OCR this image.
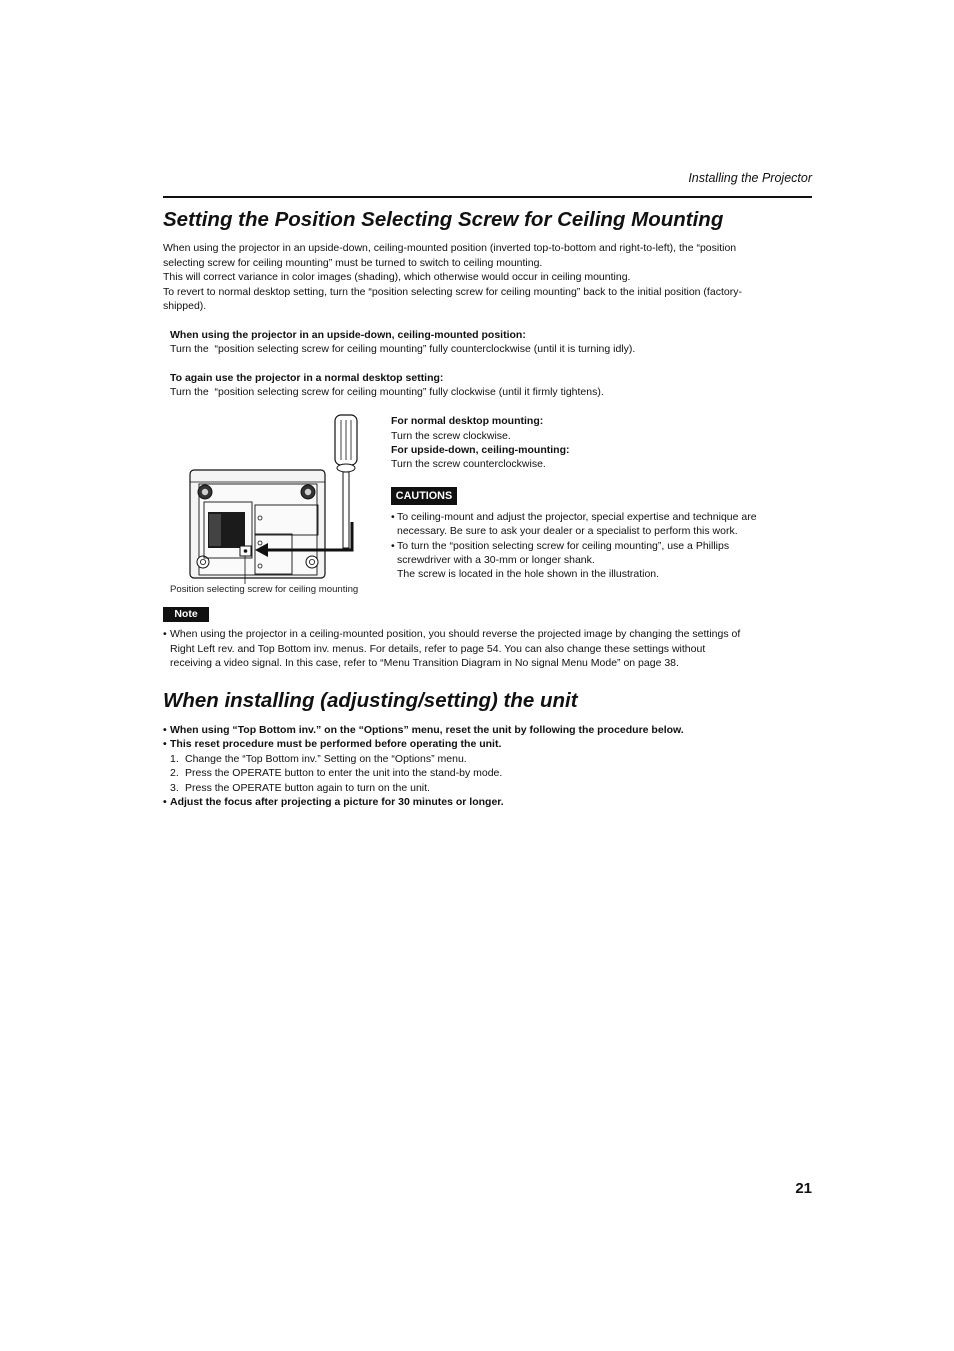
Installing the Projector
Setting the Position Selecting Screw for Ceiling Mounting
When using the projector in an upside-down, ceiling-mounted position (inverted top-to-bottom and right-to-left), the “position
selecting screw for ceiling mounting” must be turned to switch to ceiling mounting.
This will correct variance in color images (shading), which otherwise would occur in ceiling mounting.
To revert to normal desktop setting, turn the “position selecting screw for ceiling mounting” back to the initial position (factory-
shipped).
When using the projector in an upside-down, ceiling-mounted position:
Turn the  “position selecting screw for ceiling mounting” fully counterclockwise (until it is turning idly).
To again use the projector in a normal desktop setting:
Turn the  “position selecting screw for ceiling mounting” fully clockwise (until it firmly tightens).
Position selecting screw for ceiling mounting
For normal desktop mounting:
Turn the screw clockwise.
For upside-down, ceiling-mounting:
Turn the screw counterclockwise.
CAUTIONS
• To ceiling-mount and adjust the projector, special expertise and technique are
necessary. Be sure to ask your dealer or a specialist to perform this work.
• To turn the “position selecting screw for ceiling mounting”, use a Phillips
screwdriver with a 30-mm or longer shank.
The screw is located in the hole shown in the illustration.
Note
• When using the projector in a ceiling-mounted position, you should reverse the projected image by changing the settings of
Right Left rev. and Top Bottom inv. menus. For details, refer to page 54. You can also change these settings without
receiving a video signal. In this case, refer to “Menu Transition Diagram in No signal Menu Mode” on page 38.
When installing (adjusting/setting) the unit
• When using “Top Bottom inv.” on the “Options” menu, reset the unit by following the procedure below.
• This reset procedure must be performed before operating the unit.
1. Change the “Top Bottom inv.” Setting on the “Options” menu.
2. Press the OPERATE button to enter the unit into the stand-by mode.
3. Press the OPERATE button again to turn on the unit.
• Adjust the focus after projecting a picture for 30 minutes or longer.
21
